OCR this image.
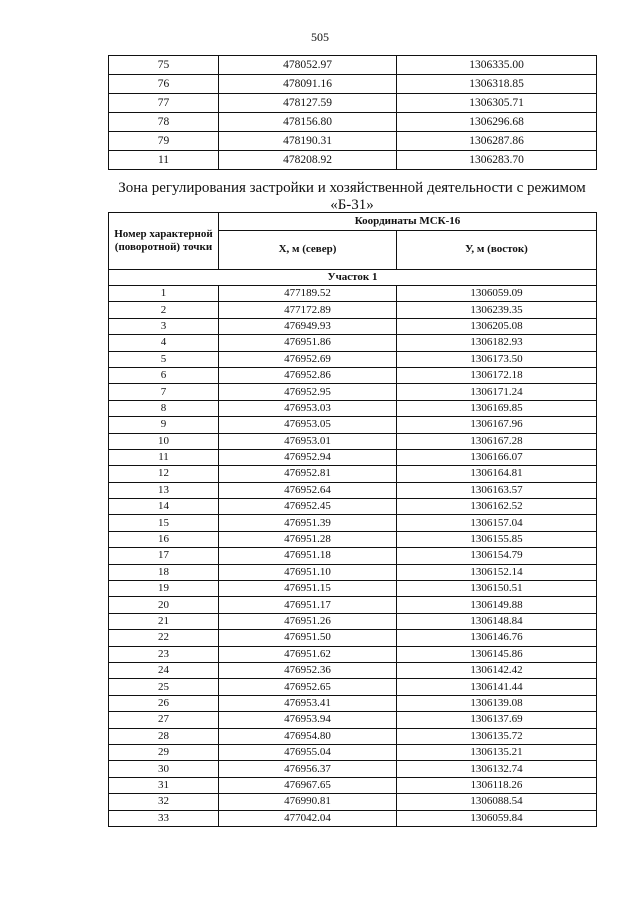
505
75	478052.97	1306335.00
76	478091.16	1306318.85
77	478127.59	1306305.71
78	478156.80	1306296.68
79	478190.31	1306287.86
11	478208.92	1306283.70
Зона регулирования застройки и хозяйственной деятельности с режимом «Б-31»
Номер характерной (поворотной) точки	Координаты МСК-16	
	X, м (север)	У, м (восток)
Участок 1		
1	477189.52	1306059.09
2	477172.89	1306239.35
3	476949.93	1306205.08
4	476951.86	1306182.93
5	476952.69	1306173.50
6	476952.86	1306172.18
7	476952.95	1306171.24
8	476953.03	1306169.85
9	476953.05	1306167.96
10	476953.01	1306167.28
11	476952.94	1306166.07
12	476952.81	1306164.81
13	476952.64	1306163.57
14	476952.45	1306162.52
15	476951.39	1306157.04
16	476951.28	1306155.85
17	476951.18	1306154.79
18	476951.10	1306152.14
19	476951.15	1306150.51
20	476951.17	1306149.88
21	476951.26	1306148.84
22	476951.50	1306146.76
23	476951.62	1306145.86
24	476952.36	1306142.42
25	476952.65	1306141.44
26	476953.41	1306139.08
27	476953.94	1306137.69
28	476954.80	1306135.72
29	476955.04	1306135.21
30	476956.37	1306132.74
31	476967.65	1306118.26
32	476990.81	1306088.54
33	477042.04	1306059.84
